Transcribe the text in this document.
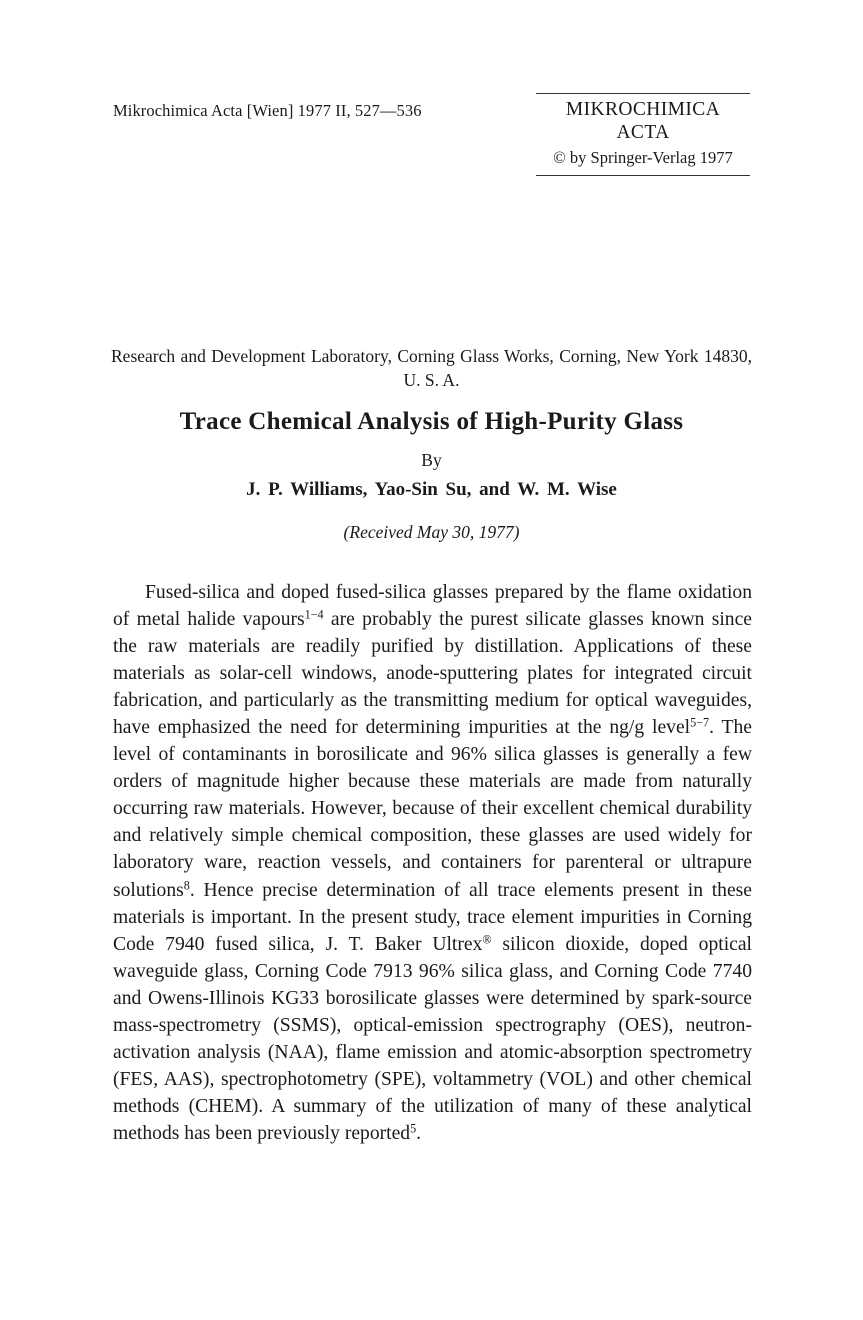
Mikrochimica Acta [Wien] 1977 II, 527—536	MIKROCHIMICA
ACTA
© by Springer-Verlag 1977
Research and Development Laboratory, Corning Glass Works, Corning, New York 14830, U. S. A.
Trace Chemical Analysis of High-Purity Glass
By
J. P. Williams, Yao-Sin Su, and W. M. Wise
(Received May 30, 1977)

Fused-silica and doped fused-silica glasses prepared by the flame oxidation of metal halide vapours$^{1-4}$ are probably the purest silicate glasses known since the raw materials are readily purified by distillation. Applications of these materials as solar-cell windows, anode-sputtering plates for integrated circuit fabrication, and particularly as the transmitting medium for optical waveguides, have emphasized the need for determining impurities at the ng/g level$^{5-7}$. The level of contaminants in borosilicate and 96% silica glasses is generally a few orders of magnitude higher because these materials are made from naturally occurring raw materials. However, because of their excellent chemical durability and relatively simple chemical composition, these glasses are used widely for laboratory ware, reaction vessels, and containers for parenteral or ultrapure solutions$^8$. Hence precise determination of all trace elements present in these materials is important. In the present study, trace element impurities in Corning Code 7940 fused silica, J. T. Baker Ultrex® silicon dioxide, doped optical waveguide glass, Corning Code 7913 96% silica glass, and Corning Code 7740 and Owens-Illinois KG33 borosilicate glasses were determined by spark-source mass-spectrometry (SSMS), optical-emission spectrography (OES), neutron-activation analysis (NAA), flame emission and atomic-absorption spectrometry (FES, AAS), spectrophotometry (SPE), voltammetry (VOL) and other chemical methods (CHEM). A summary of the utilization of many of these analytical methods has been previously reported$^5$.
